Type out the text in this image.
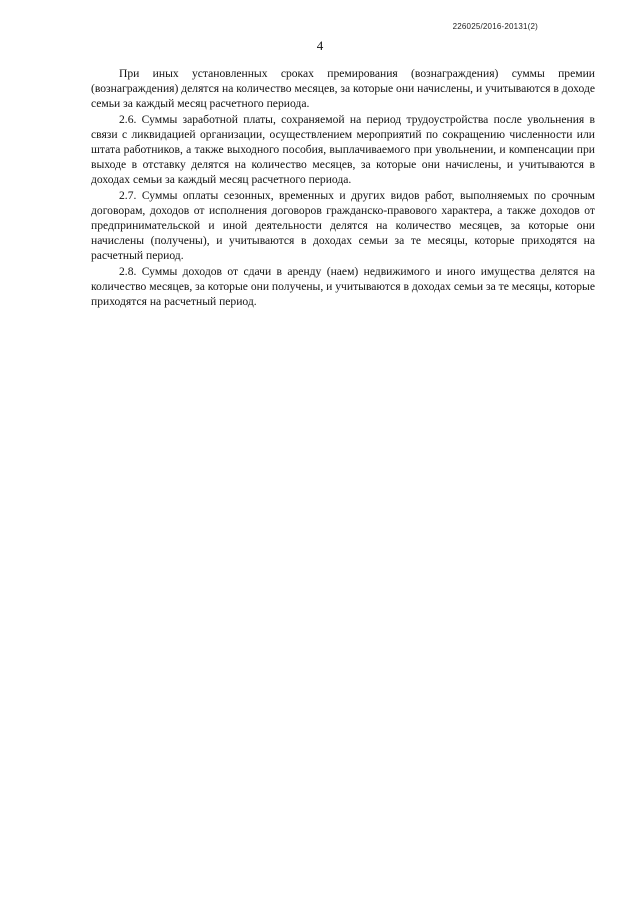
226025/2016-20131(2)
4

При иных установленных сроках премирования (вознаграждения) суммы премии (вознаграждения) делятся на количество месяцев, за которые они начислены, и учитываются в доходе семьи за каждый месяц расчетного периода.

2.6. Суммы заработной платы, сохраняемой на период трудоустройства после увольнения в связи с ликвидацией организации, осуществлением мероприятий по сокращению численности или штата работников, а также выходного пособия, выплачиваемого при увольнении, и компенсации при выходе в отставку делятся на количество месяцев, за которые они начислены, и учитываются в доходах семьи за каждый месяц расчетного периода.

2.7. Суммы оплаты сезонных, временных и других видов работ, выполняемых по срочным договорам, доходов от исполнения договоров гражданско-правового характера, а также доходов от предпринимательской и иной деятельности делятся на количество месяцев, за которые они начислены (получены), и учитываются в доходах семьи за те месяцы, которые приходятся на расчетный период.

2.8. Суммы доходов от сдачи в аренду (наем) недвижимого и иного имущества делятся на количество месяцев, за которые они получены, и учитываются в доходах семьи за те месяцы, которые приходятся на расчетный период.
